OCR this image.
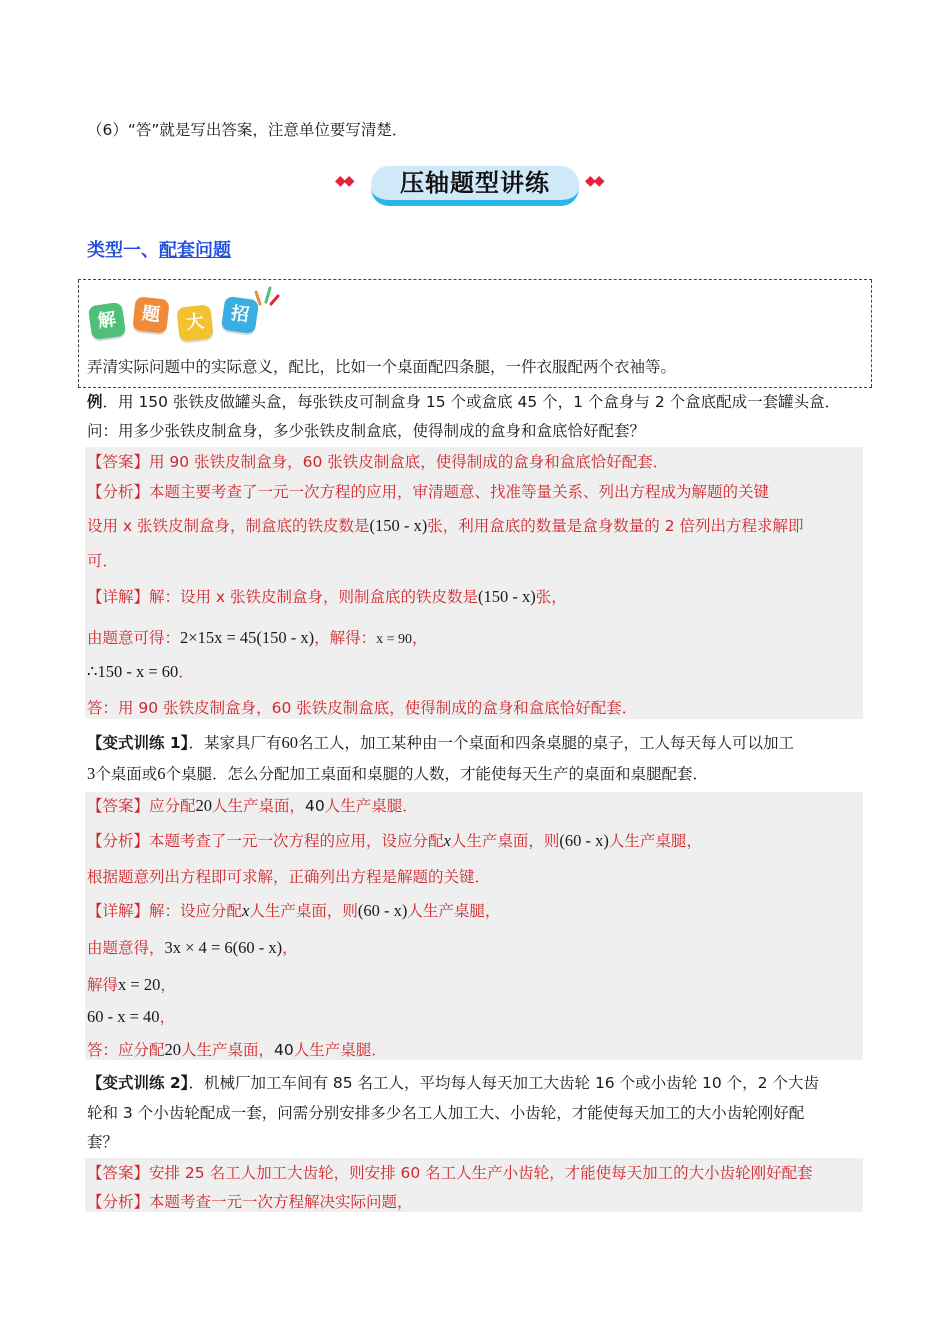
（6）“答”就是写出答案，注意单位要写清楚．
◆◆	压轴题型讲练	◆◆
类型一、配套问题
解	题	大	招
弄清实际问题中的实际意义，配比，比如一个桌面配四条腿，一件衣服配两个衣袖等。
例．用 150 张铁皮做罐头盒，每张铁皮可制盒身 15 个或盒底 45 个，1 个盒身与 2 个盒底配成一套罐头盒．
问：用多少张铁皮制盒身，多少张铁皮制盒底，使得制成的盒身和盒底恰好配套？
【答案】用 90 张铁皮制盒身，60 张铁皮制盒底，使得制成的盒身和盒底恰好配套．
【分析】本题主要考查了一元一次方程的应用，审清题意、找准等量关系、列出方程成为解题的关键
设用 x 张铁皮制盒身，制盒底的铁皮数是(150 - x)张，利用盒底的数量是盒身数量的 2 倍列出方程求解即
可．
【详解】解：设用 x 张铁皮制盒身，则制盒底的铁皮数是(150 - x)张，
由题意可得：2×15x = 45(150 - x)，解得：x = 90，
∴150 - x = 60．
答：用 90 张铁皮制盒身，60 张铁皮制盒底，使得制成的盒身和盒底恰好配套．
【变式训练 1】．某家具厂有60名工人，加工某种由一个桌面和四条桌腿的桌子，工人每天每人可以加工
3个桌面或6个桌腿．怎么分配加工桌面和桌腿的人数，才能使每天生产的桌面和桌腿配套．
【答案】应分配20人生产桌面，40人生产桌腿．
【分析】本题考查了一元一次方程的应用，设应分配x人生产桌面，则(60 - x)人生产桌腿，
根据题意列出方程即可求解，正确列出方程是解题的关键．
【详解】解：设应分配x人生产桌面，则(60 - x)人生产桌腿，
由题意得，3x × 4 = 6(60 - x)，
解得x = 20，
60 - x = 40，
答：应分配20人生产桌面，40人生产桌腿．
【变式训练 2】．机械厂加工车间有 85 名工人，平均每人每天加工大齿轮 16 个或小齿轮 10 个，2 个大齿
轮和 3 个小齿轮配成一套，问需分别安排多少名工人加工大、小齿轮，才能使每天加工的大小齿轮刚好配
套？
【答案】安排 25 名工人加工大齿轮，则安排 60 名工人生产小齿轮，才能使每天加工的大小齿轮刚好配套
【分析】本题考查一元一次方程解决实际问题，
